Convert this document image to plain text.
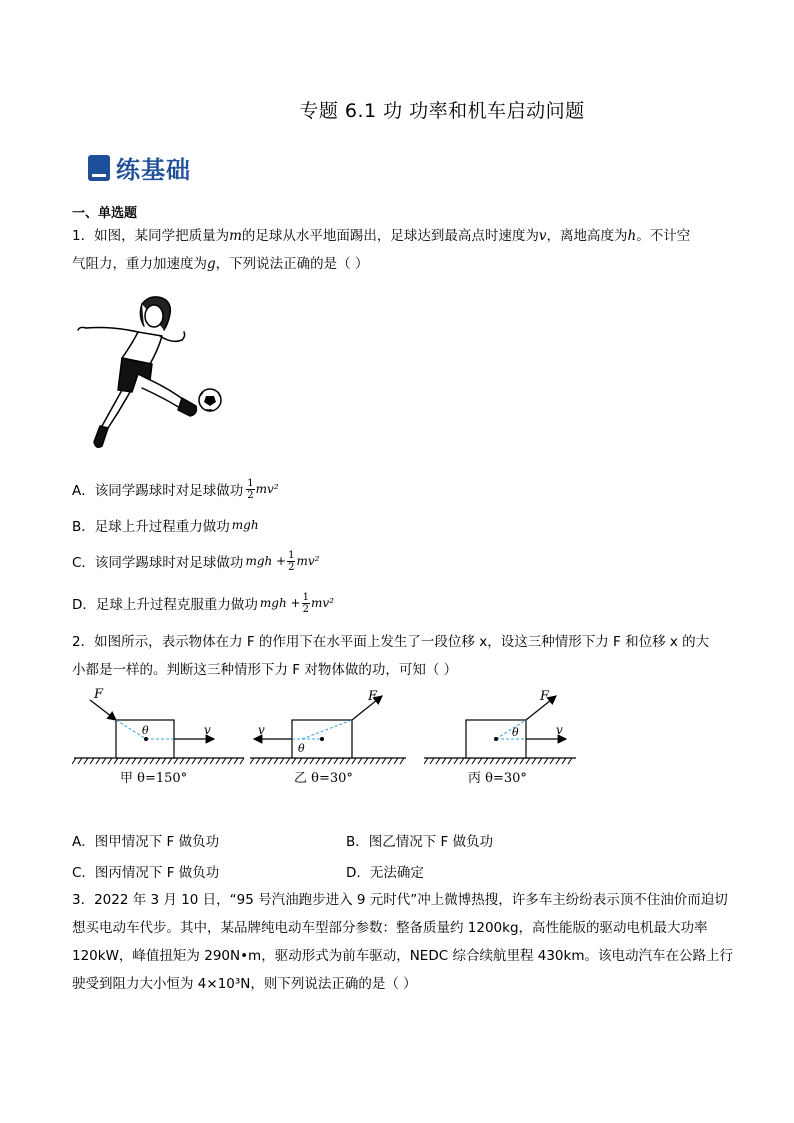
专题 6.1 功 功率和机车启动问题
练基础
一、单选题
1．如图，某同学把质量为m的足球从水平地面踢出，足球达到最高点时速度为v，离地高度为h。不计空
气阻力，重力加速度为g，下列说法正确的是（ ）
A．该同学踢球时对足球做功 $\frac{1}{2} mv^2$
B．足球上升过程重力做功 mgh
C．该同学踢球时对足球做功 mgh + $\frac{1}{2} mv^2$
D．足球上升过程克服重力做功 mgh + $\frac{1}{2} mv^2$
2．如图所示，表示物体在力 F 的作用下在水平面上发生了一段位移 x，设这三种情形下力 F 和位移 x 的大
小都是一样的。判断这三种情形下力 F 对物体做的功，可知（ ）
F
θ	v
甲 θ=150°
F
θ
v
乙 θ=30°
F
θ	v
丙 θ=30°
A．图甲情况下 F 做负功	B．图乙情况下 F 做负功
C．图丙情况下 F 做负功	D．无法确定
3．2022 年 3 月 10 日，“95 号汽油跑步进入 9 元时代”冲上微博热搜，许多车主纷纷表示顶不住油价而迫切
想买电动车代步。其中，某品牌纯电动车型部分参数：整备质量约 1200kg，高性能版的驱动电机最大功率
120kW，峰值扭矩为 290N•m，驱动形式为前车驱动，NEDC 综合续航里程 430km。该电动汽车在公路上行
驶受到阻力大小恒为 4×10³N，则下列说法正确的是（ ）
